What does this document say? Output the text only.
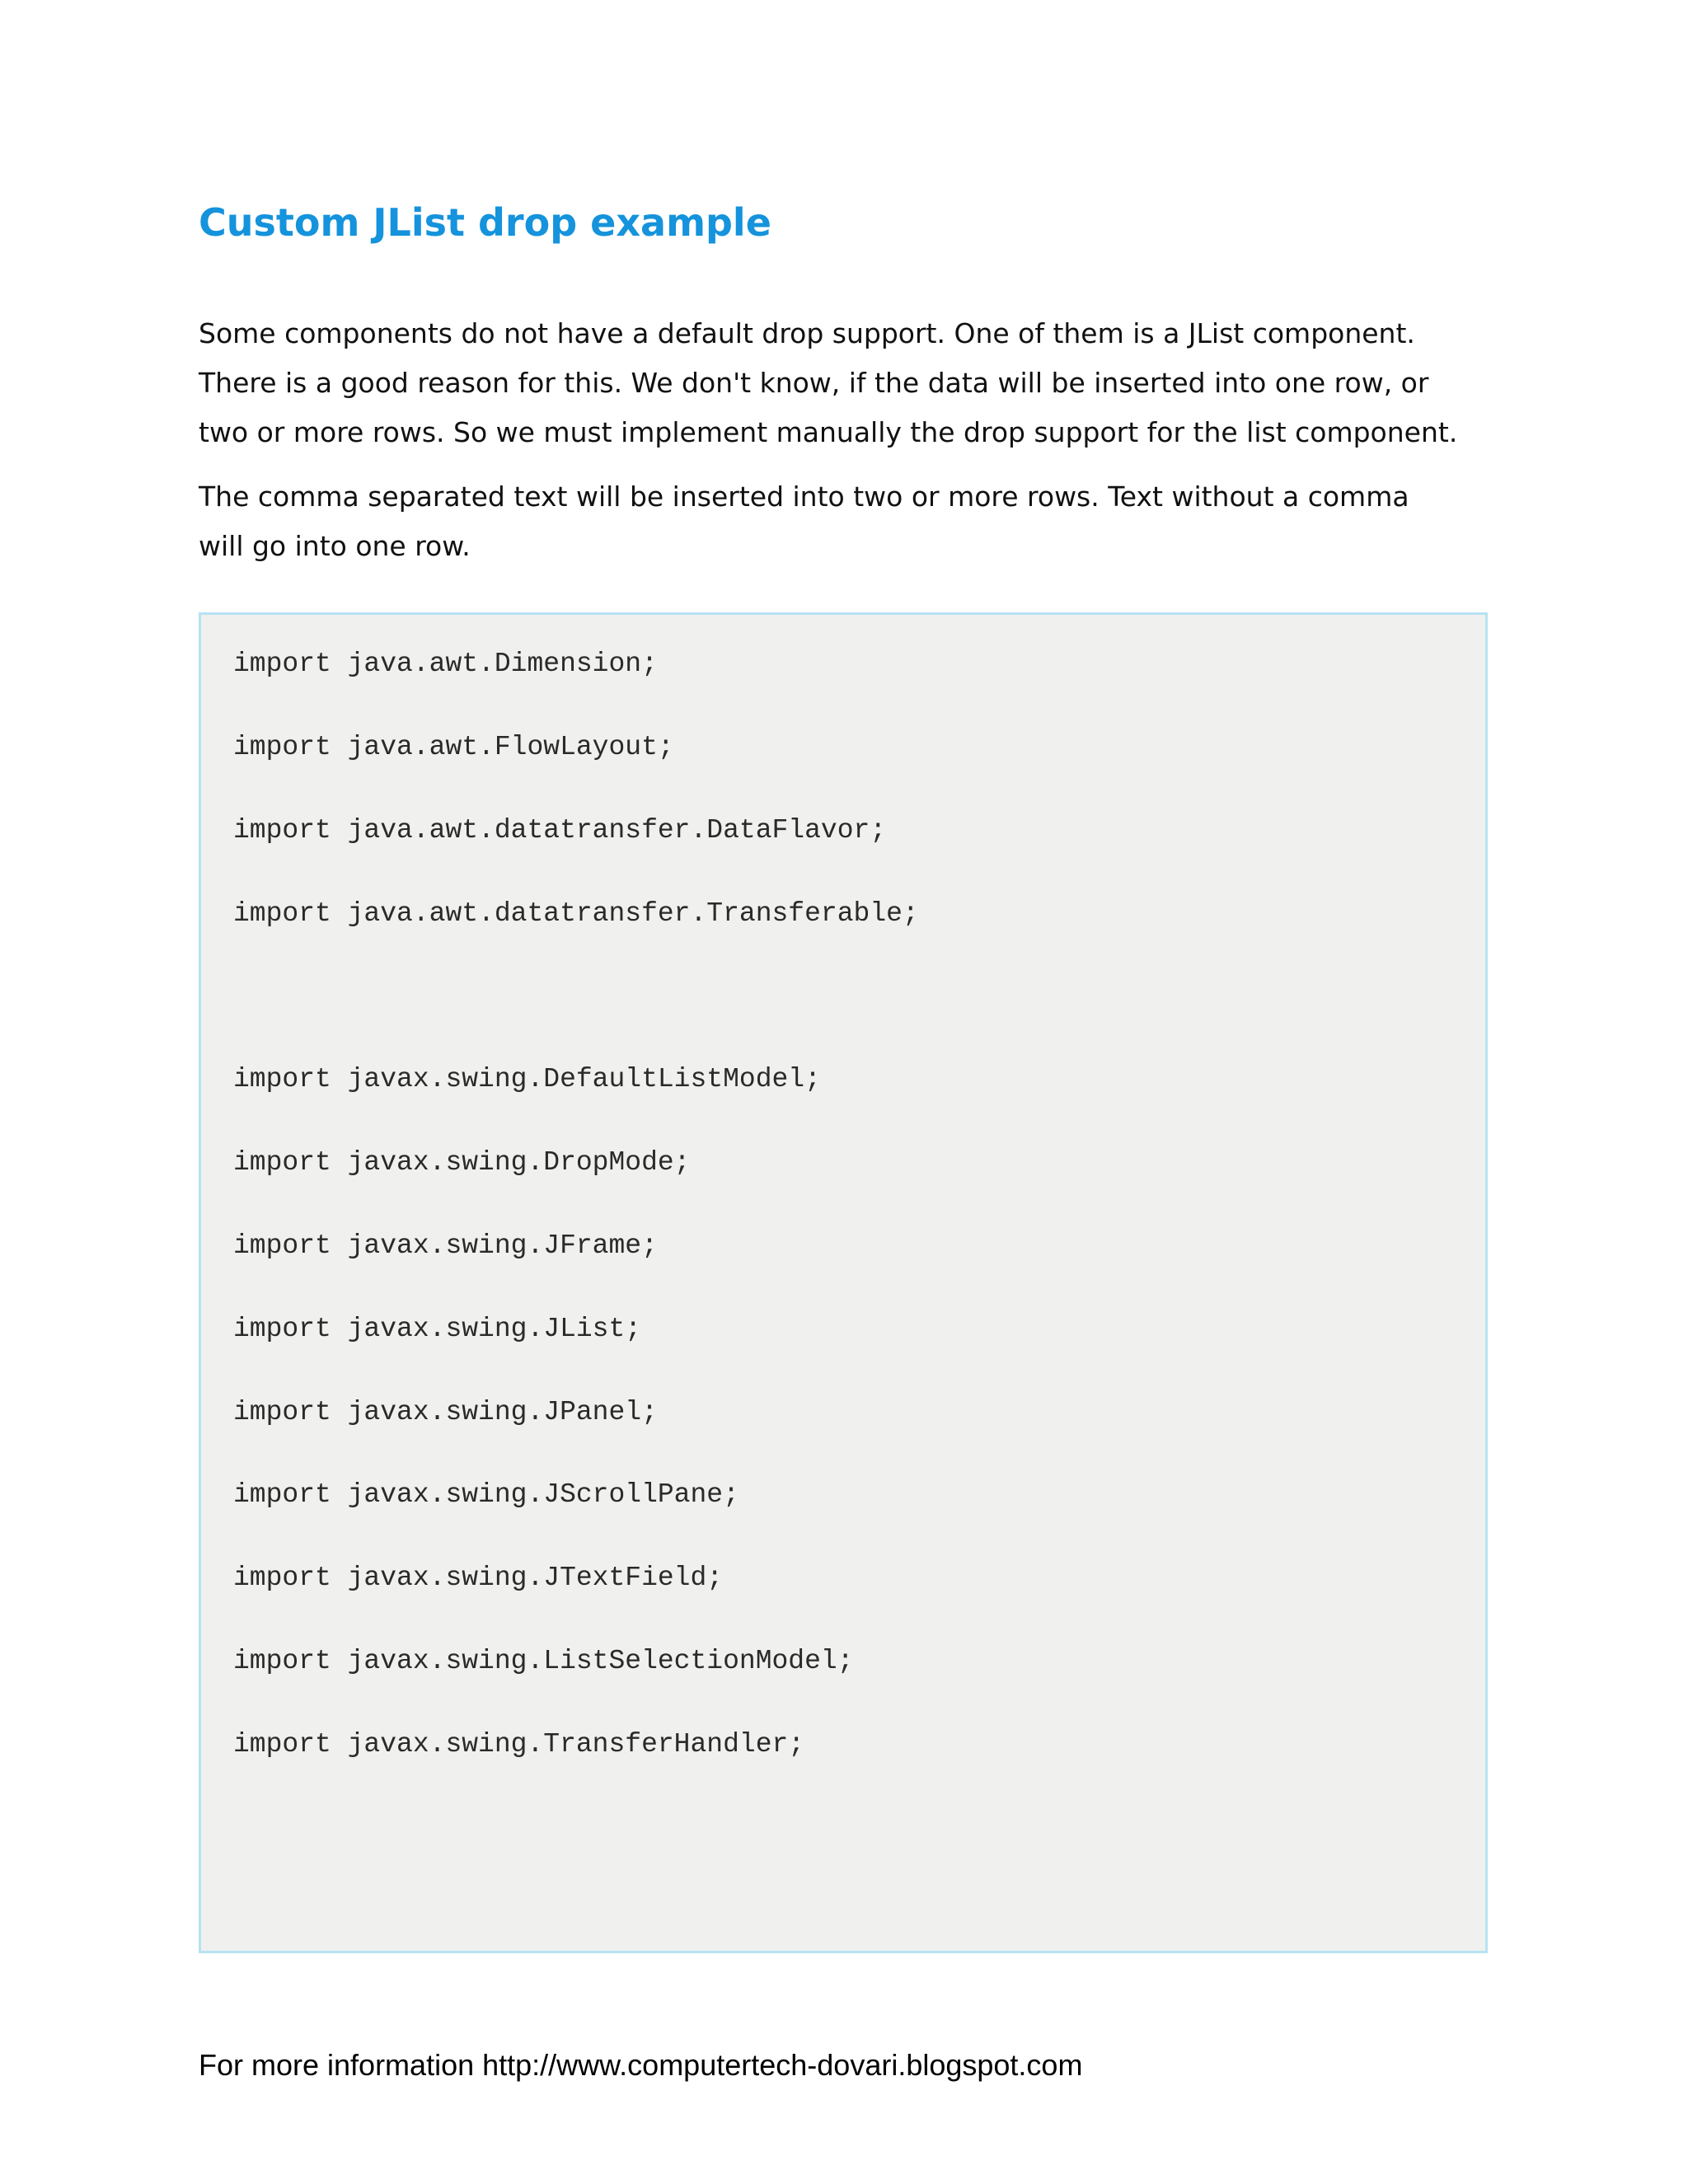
Custom JList drop example

Some components do not have a default drop support. One of them is a JList component.
There is a good reason for this. We don't know, if the data will be inserted into one row, or
two or more rows. So we must implement manually the drop support for the list component.

The comma separated text will be inserted into two or more rows. Text without a comma
will go into one row.

import java.awt.Dimension;
import java.awt.FlowLayout;
import java.awt.datatransfer.DataFlavor;
import java.awt.datatransfer.Transferable;
import javax.swing.DefaultListModel;
import javax.swing.DropMode;
import javax.swing.JFrame;
import javax.swing.JList;
import javax.swing.JPanel;
import javax.swing.JScrollPane;
import javax.swing.JTextField;
import javax.swing.ListSelectionModel;
import javax.swing.TransferHandler;

For more information http://www.computertech-dovari.blogspot.com
